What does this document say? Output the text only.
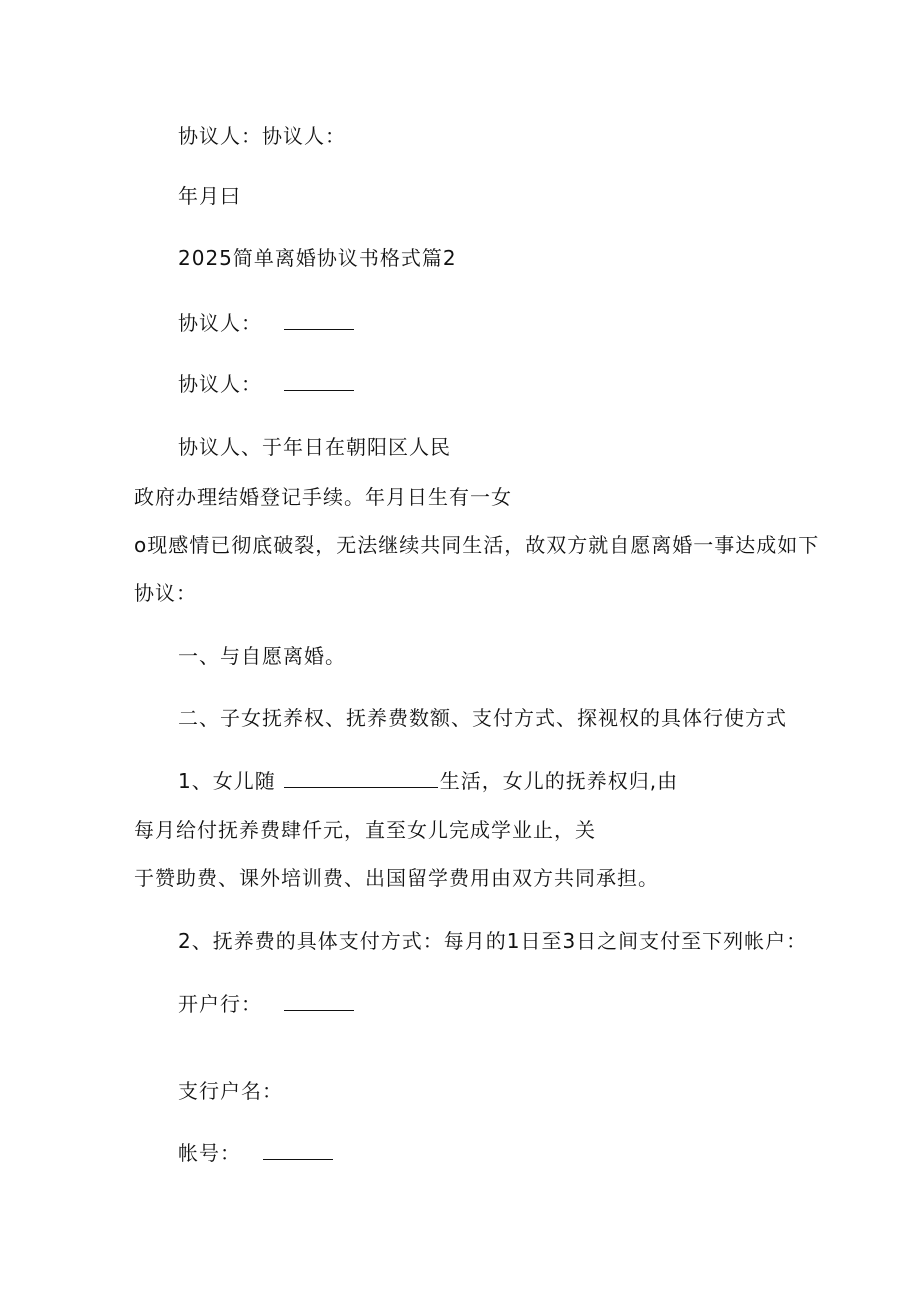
协议人：协议人：
年月曰
2025简单离婚协议书格式篇2
协议人：
协议人：
协议人、于年日在朝阳区人民
政府办理结婚登记手续。年月日生有一女
o现感情已彻底破裂，无法继续共同生活，故双方就自愿离婚一事达成如下
协议：
一、与自愿离婚。
二、子女抚养权、抚养费数额、支付方式、探视权的具体行使方式
1、女儿随	生活，女儿的抚养权归,由
每月给付抚养费肆仟元，直至女儿完成学业止，关
于赞助费、课外培训费、出国留学费用由双方共同承担。
2、抚养费的具体支付方式：每月的1日至3日之间支付至下列帐户：
开户行：
支行户名：
帐号：
